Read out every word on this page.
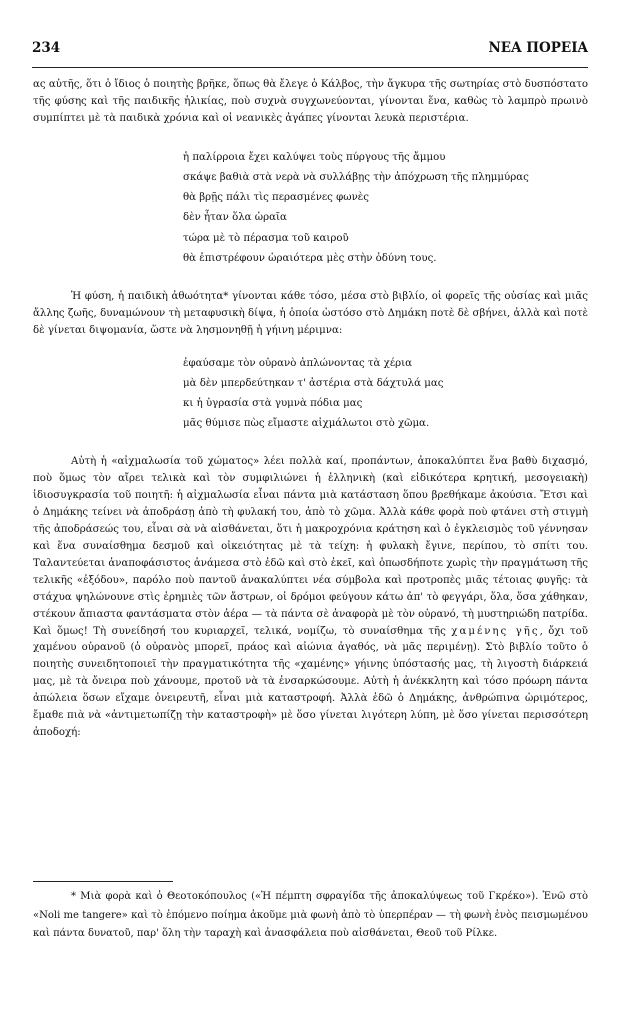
234	ΝΕΑ ΠΟΡΕΙΑ

ας αὐτῆς, ὅτι ὁ ἴδιος ὁ ποιητὴς βρῆκε, ὅπως θὰ ἔλεγε ὁ Κάλβος, τὴν ἄγκυρα τῆς σωτηρίας στὸ δυσπόστατο τῆς φύσης καὶ τῆς παιδικῆς ἡλικίας, ποὺ συχνὰ συγχωνεύονται, γίνονται ἕνα, καθὼς τὸ λαμπρὸ πρωινὸ συμπίπτει μὲ τὰ παιδικὰ χρόνια καὶ οἱ νεανικὲς ἀγάπες γίνονται λευκὰ περιστέρια.

ἡ παλίρροια ἔχει καλύψει τοὺς πύργους τῆς ἄμμου
σκάψε βαθιὰ στὰ νερὰ νὰ συλλάβῃς τὴν ἀπόχρωση τῆς πλημμύρας
θὰ βρῇς πάλι τὶς περασμένες φωνὲς
δὲν ἦταν ὅλα ὡραῖα
τώρα μὲ τὸ πέρασμα τοῦ καιροῦ
θὰ ἐπιστρέφουν ὡραιότερα μὲς στὴν ὀδύνη τους.

Ἡ φύση, ἡ παιδικὴ ἀθωότητα* γίνονται κάθε τόσο, μέσα στὸ βιβλίο, οἱ φορεῖς τῆς οὐσίας καὶ μιᾶς ἄλλης ζωῆς, δυναμώνουν τὴ μεταφυσικὴ δίψα, ἡ ὁποία ὡστόσο στὸ Δημάκη ποτὲ δὲ σβήνει, ἀλλὰ καὶ ποτὲ δὲ γίνεται διψομανία, ὥστε νὰ λησμονηθῇ ἡ γήινη μέριμνα:

ἐφαύσαμε τὸν οὐρανὸ ἁπλώνοντας τὰ χέρια
μὰ δὲν μπερδεύτηκαν τ' ἀστέρια στὰ δάχτυλά μας
κι ἡ ὑγρασία στὰ γυμνὰ πόδια μας
μᾶς θύμισε πὼς εἴμαστε αἰχμάλωτοι στὸ χῶμα.

Αὐτὴ ἡ «αἰχμαλωσία τοῦ χώματος» λέει πολλὰ καί, προπάντων, ἀποκαλύπτει ἕνα βαθὺ διχασμό, ποὺ ὅμως τὸν αἴρει τελικὰ καὶ τὸν συμφιλιώνει ἡ ἑλληνικὴ (καὶ εἰδικότερα κρητική, μεσογειακὴ) ἰδιοσυγκρασία τοῦ ποιητῆ: ἡ αἰχμαλωσία εἶναι πάντα μιὰ κατάσταση ὅπου βρεθήκαμε ἀκούσια. Ἔτσι καὶ ὁ Δημάκης τείνει νὰ ἀποδράσῃ ἀπὸ τὴ φυλακή του, ἀπὸ τὸ χῶμα. Ἀλλὰ κάθε φορὰ ποὺ φτάνει στὴ στιγμὴ τῆς ἀποδράσεώς του, εἶναι σὰ νὰ αἰσθάνεται, ὅτι ἡ μακροχρόνια κράτηση καὶ ὁ ἐγκλεισμὸς τοῦ γέννησαν καὶ ἕνα συναίσθημα δεσμοῦ καὶ οἰκειότητας μὲ τὰ τείχη: ἡ φυλακὴ ἔγινε, περίπου, τὸ σπίτι του. Ταλαντεύεται ἀναποφάσιστος ἀνάμεσα στὸ ἐδῶ καὶ στὸ ἐκεῖ, καὶ ὁπωσδήποτε χωρὶς τὴν πραγμάτωση τῆς τελικῆς «ἐξόδου», παρόλο ποὺ παντοῦ ἀνακαλύπτει νέα σύμβολα καὶ προτροπὲς μιᾶς τέτοιας φυγῆς: τὰ στάχυα ψηλώνουνε στὶς ἐρημιὲς τῶν ἄστρων, οἱ δρόμοι φεύγουν κάτω ἀπ' τὸ φεγγάρι, ὅλα, ὅσα χάθηκαν, στέκουν ἄπιαστα φαντάσματα στὸν ἀέρα — τὰ πάντα σὲ ἀναφορὰ μὲ τὸν οὐρανό, τὴ μυστηριώδη πατρίδα. Καὶ ὅμως! Τὴ συνείδησή του κυριαρχεῖ, τελικά, νομίζω, τὸ συναίσθημα τῆς χαμένης γῆς, ὄχι τοῦ χαμένου οὐρανοῦ (ὁ οὐρανὸς μπορεῖ, πράος καὶ αἰώνια ἀγαθός, νὰ μᾶς περιμένῃ). Στὸ βιβλίο τοῦτο ὁ ποιητὴς συνειδητοποιεῖ τὴν πραγματικότητα τῆς «χαμένης» γήινης ὑπόστασής μας, τὴ λιγοστὴ διάρκειά μας, μὲ τὰ ὄνειρα ποὺ χάνουμε, προτοῦ νὰ τὰ ἐνσαρκώσουμε. Αὐτὴ ἡ ἀνέκκλητη καὶ τόσο πρόωρη πάντα ἀπώλεια ὅσων εἴχαμε ὀνειρευτῆ, εἶναι μιὰ καταστροφή. Ἀλλὰ ἐδῶ ὁ Δημάκης, ἀνθρώπινα ὡριμότερος, ἔμαθε πιὰ νὰ «ἀντιμετωπίζῃ τὴν καταστροφὴ» μὲ ὅσο γίνεται λιγότερη λύπη, μὲ ὅσο γίνεται περισσότερη ἀποδοχή:

* Μιὰ φορὰ καὶ ὁ Θεοτοκόπουλος («Ἡ πέμπτη σφραγίδα τῆς ἀποκαλύψεως τοῦ Γκρέκο»). Ἐνῶ στὸ «Noli me tangere» καὶ τὸ ἑπόμενο ποίημα ἀκοῦμε μιὰ φωνὴ ἀπὸ τὸ ὑπερπέραν — τὴ φωνὴ ἑνὸς πεισμωμένου καὶ πάντα δυνατοῦ, παρ' ὅλη τὴν ταραχὴ καὶ ἀνασφάλεια ποὺ αἰσθάνεται, Θεοῦ τοῦ Ρίλκε.
